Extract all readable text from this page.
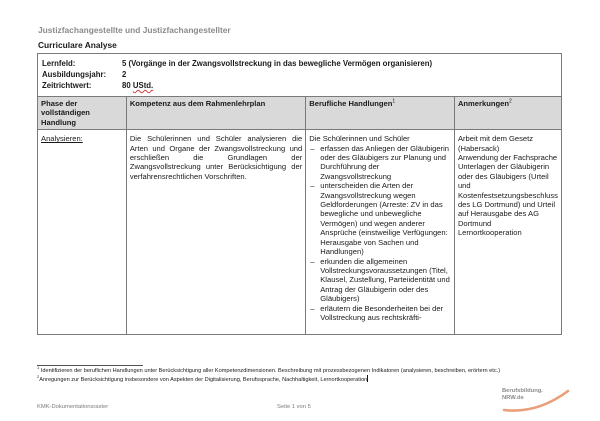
Justizfachangestellte und Justizfachangestellter
Curriculare Analyse
Lernfeld:	5 (Vorgänge in der Zwangsvollstreckung in das bewegliche Vermögen organisieren)
Ausbildungsjahr:	2
Zeitrichtwert:	80 UStd.
Phase der vollständigen Handlung	Kompetenz aus dem Rahmenlehrplan	Berufliche Handlungen$^1$	Anmerkungen$^2$
Analysieren:	Die Schülerinnen und Schüler analysieren die Arten und Organe der Zwangsvollstreckung und erschließen die Grundlagen der Zwangsvollstreckung unter Berücksichtigung der verfahrensrechtlichen Vorschriften.

Die Schülerinnen und Schüler
– erfassen das Anliegen der Gläubigerin oder des Gläubigers zur Planung und Durchführung der Zwangsvollstreckung
– unterscheiden die Arten der Zwangsvollstreckung wegen Geldforderungen (Arreste: ZV in das bewegliche und unbewegliche Vermögen) und wegen anderer Ansprüche (einstweilige Verfügungen: Herausgabe von Sachen und Handlungen)
– erkunden die allgemeinen Vollstreckungsvoraussetzungen (Titel, Klausel, Zustellung, Parteiidentität und Antrag der Gläubigerin oder des Gläubigers)
– erläutern die Besonderheiten bei der Vollstreckung aus rechtskräfti-

Arbeit mit dem Gesetz (Habersack)
Anwendung der Fachsprache
Unterlagen der Gläubigerin oder des Gläubigers (Urteil und Kostenfestsetzungsbeschluss des LG Dortmund) und Urteil auf Herausgabe des AG Dortmund
Lernortkooperation
$^1$ Identifizieren der beruflichen Handlungen unter Berücksichtigung aller Kompetenzdimensionen. Beschreibung mit prozessbezogenen Indikatoren (analysieren, beschreiben, erörtern etc.)
$^2$Anregungen zur Berücksichtigung insbesondere von Aspekten der Digitalisierung, Berufssprache, Nachhaltigkeit, Lernortkooperation
KMK-Dokumentationsraster	Seite 1 von 5
Berufsbildung.
NRW.de
